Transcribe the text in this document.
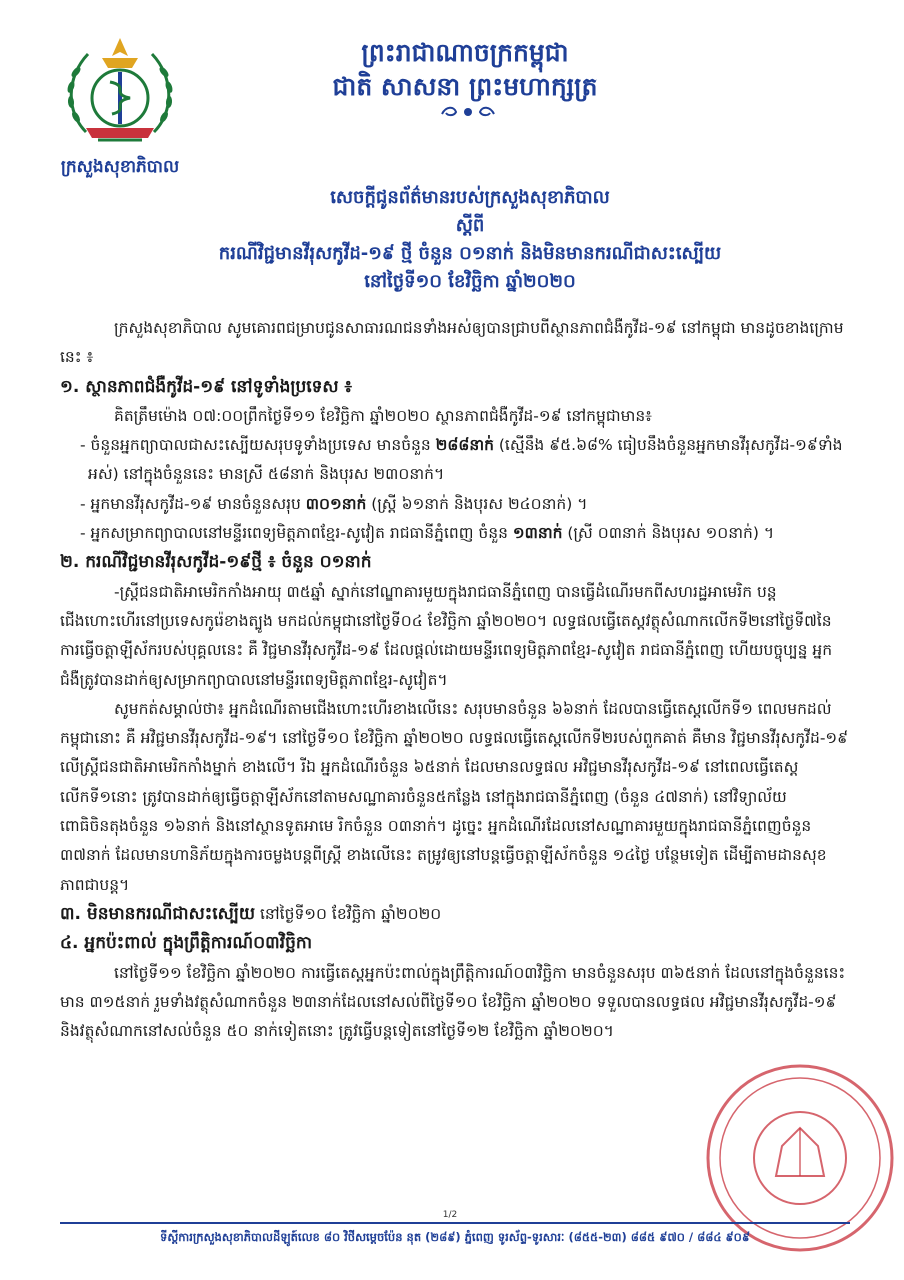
ក្រសួងសុខាភិបាល
ព្រះរាជាណាចក្រកម្ពុជា
ជាតិ សាសនា ព្រះមហាក្សត្រ
សេចក្តីជូនព័ត៌មានរបស់ក្រសួងសុខាភិបាល
ស្តីពី
ករណីវិជ្ជមានវីរុសកូវីដ-១៩ ថ្មី ចំនួន ០១នាក់ និងមិនមានករណីជាសះស្បើយ
នៅថ្ងៃទី១០ ខែវិច្ឆិកា ឆ្នាំ២០២០

ក្រសួងសុខាភិបាល សូមគោរពជម្រាបជូនសាធារណជនទាំងអស់ឲ្យបានជ្រាបពីស្ថានភាពជំងឺកូវីដ-១៩ នៅកម្ពុជា មានដូចខាងក្រោមនេះ ៖

១. ស្ថានភាពជំងឺកូវីដ-១៩ នៅទូទាំងប្រទេស ៖

គិតត្រឹមម៉ោង ០៧:០០ព្រឹកថ្ងៃទី១១ ខែវិច្ឆិកា ឆ្នាំ២០២០ ស្ថានភាពជំងឺកូវីដ-១៩ នៅកម្ពុជាមាន៖

- ចំនួនអ្នកព្យាបាលជាសះស្បើយសរុបទូទាំងប្រទេស មានចំនួន ២៨៨នាក់ (ស្មើនឹង ៩៥.៦៨% ធៀបនឹងចំនួនអ្នកមានវីរុសកូវីដ-១៩ទាំងអស់) នៅក្នុងចំនួននេះ មានស្រី ៥៨នាក់ និងបុរស ២៣០នាក់។

- អ្នកមានវីរុសកូវីដ-១៩ មានចំនួនសរុប ៣០១នាក់ (ស្ត្រី ៦១នាក់ និងបុរស ២៤០នាក់) ។

- អ្នកសម្រាកព្យាបាលនៅមន្ទីរពេទ្យមិត្តភាពខ្មែរ-សូវៀត រាជធានីភ្នំពេញ ចំនួន ១៣នាក់ (ស្រី ០៣នាក់ និងបុរស ១០នាក់) ។

២. ករណីវិជ្ជមានវីរុសកូវីដ-១៩ថ្មី ៖ ចំនួន ០១នាក់

-ស្ត្រីជនជាតិអាមេរិកកាំងអាយុ ៣៥ឆ្នាំ ស្នាក់នៅណ្ឌាគារមួយក្នុងរាជធានីភ្នំពេញ បានធ្វើដំណើរមកពីសហរដ្ឋអាមេរិក បន្តជើងហោះហើរនៅប្រទេសកូរ៉េខាងត្បូង មកដល់កម្ពុជានៅថ្ងៃទី០៤ ខែវិច្ឆិកា ឆ្នាំ២០២០។ លទ្ធផលធ្វើតេស្តវត្ថុសំណាកលើកទី២នៅថ្ងៃទី៧នៃការធ្វើចត្តាឡីស័ករបស់បុគ្គលនេះ គឺ វិជ្ជមានវីរុសកូវីដ-១៩ ដែលផ្តល់ដោយមន្ទីរពេទ្យមិត្តភាពខ្មែរ-សូវៀត រាជធានីភ្នំពេញ ហើយបច្ចុប្បន្ន អ្នកជំងឺត្រូវបានដាក់ឲ្យសម្រាកព្យាបាលនៅមន្ទីរពេទ្យមិត្តភាពខ្មែរ-សូវៀត។

សូមកត់សម្គាល់ថា៖ អ្នកដំណើរតាមជើងហោះហើរខាងលើនេះ សរុបមានចំនួន ៦៦នាក់ ដែលបានធ្វើតេស្តលើកទី១ ពេលមកដល់កម្ពុជានោះ គឺ អវិជ្ជមានវីរុសកូវីដ-១៩។ នៅថ្ងៃទី១០ ខែវិច្ឆិកា ឆ្នាំ២០២០ លទ្ធផលធ្វើតេស្តលើកទី២របស់ពួកគាត់ គឺមាន វិជ្ជមានវីរុសកូវីដ-១៩ លើស្ត្រីជនជាតិអាមេរិកកាំងម្នាក់ ខាងលើ។ រីឯ អ្នកដំណើរចំនួន ៦៥នាក់ ដែលមានលទ្ធផល អវិជ្ជមានវីរុសកូវីដ-១៩ នៅពេលធ្វើតេស្តលើកទី១នោះ ត្រូវបានដាក់ឲ្យធ្វើចត្តាឡីស័កនៅតាមសណ្ឋាគារចំនួន៥កន្លែង នៅក្នុងរាជធានីភ្នំពេញ (ចំនួន ៤៧នាក់) នៅវិទ្យាល័យពោធិចិនតុងចំនួន ១៦នាក់ និងនៅស្ថានទូតអាមេ រិកចំនួន ០៣នាក់។ ដូច្នេះ អ្នកដំណើរដែលនៅសណ្ឋាគារមួយក្នុងរាជធានីភ្នំពេញចំនួន ៣៧នាក់ ដែលមានហានិភ័យក្នុងការចម្លងបន្តពីស្ត្រី ខាងលើនេះ តម្រូវឲ្យនៅបន្តធ្វើចត្តាឡីស័កចំនួន ១៤ថ្ងៃ បន្ថែមទៀត ដើម្បីតាមដានសុខភាពជាបន្ត។

៣. មិនមានករណីជាសះស្បើយ នៅថ្ងៃទី១០ ខែវិច្ឆិកា ឆ្នាំ២០២០

៤. អ្នកប៉ះពាល់ ក្នុងព្រឹត្តិការណ៍០៣វិច្ឆិកា

នៅថ្ងៃទី១១ ខែវិច្ឆិកា ឆ្នាំ២០២០ ការធ្វើតេស្តអ្នកប៉ះពាល់ក្នុងព្រឹត្តិការណ៍០៣វិច្ឆិកា មានចំនួនសរុប ៣៦៥នាក់ ដែលនៅក្នុងចំនួននេះ មាន ៣១៥នាក់ រួមទាំងវត្ថុសំណាកចំនួន ២៣នាក់ដែលនៅសល់ពីថ្ងៃទី១០ ខែវិច្ឆិកា ឆ្នាំ២០២០ ទទួលបានលទ្ធផល អវិជ្ជមានវីរុសកូវីដ-១៩ និងវត្ថុសំណាកនៅសល់ចំនួន ៥០ នាក់ទៀតនោះ ត្រូវធ្វើបន្តទៀតនៅថ្ងៃទី១២ ខែវិច្ឆិកា ឆ្នាំ២០២០។

1/2
ទីស្តីការក្រសួងសុខាភិបាលដីឡូត៍លេខ ៨០ វិថីសម្តេចប៉ែន នុត (២៨៩) ភ្នំពេញ ទូរស័ព្ទ-ទូរសារៈ (៨៥៥-២៣) ៨៨៥ ៩៧០ / ៨៨៤ ៩០៩
